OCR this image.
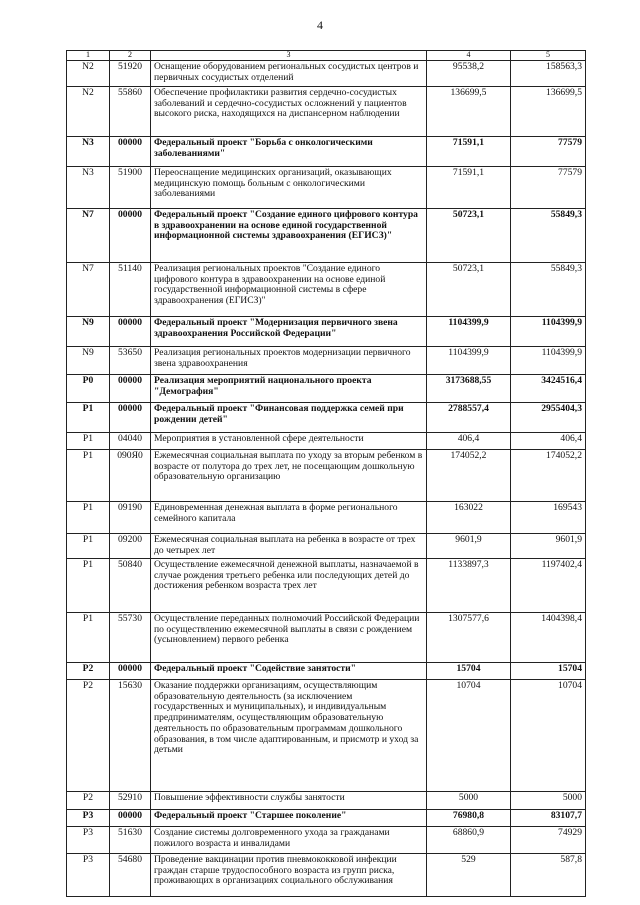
4
1	2	3	4	5
N2	51920	Оснащение оборудованием региональных сосудистых центров и первичных сосудистых отделений	95538,2	158563,3
N2	55860	Обеспечение профилактики развития сердечно-сосудистых заболеваний и сердечно-сосудистых осложнений у пациентов высокого риска, находящихся на диспансерном наблюдении	136699,5	136699,5
N3	00000	Федеральный проект "Борьба с онкологическими заболеваниями"	71591,1	77579
N3	51900	Переоснащение медицинских организаций, оказывающих медицинскую помощь больным с онкологическими заболеваниями	71591,1	77579
N7	00000	Федеральный проект "Создание единого цифрового контура в здравоохранении на основе единой государственной информационной системы здравоохранения (ЕГИСЗ)"	50723,1	55849,3
N7	51140	Реализация региональных проектов "Создание единого цифрового контура в здравоохранении на основе единой государственной информационной системы в сфере здравоохранения (ЕГИСЗ)"	50723,1	55849,3
N9	00000	Федеральный проект "Модернизация первичного звена здравоохранения Российской Федерации"	1104399,9	1104399,9
N9	53650	Реализация региональных проектов модернизации первичного звена здравоохранения	1104399,9	1104399,9
P0	00000	Реализация мероприятий национального проекта "Демография"	3173688,55	3424516,4
P1	00000	Федеральный проект "Финансовая поддержка семей при рождении детей"	2788557,4	2955404,3
P1	04040	Мероприятия в установленной сфере деятельности	406,4	406,4
P1	090Я0	Ежемесячная социальная выплата по уходу за вторым ребенком в возрасте от полутора до трех лет, не посещающим дошкольную образовательную организацию	174052,2	174052,2
P1	09190	Единовременная денежная выплата в форме регионального семейного капитала	163022	169543
P1	09200	Ежемесячная социальная выплата на ребенка в возрасте от трех до четырех лет	9601,9	9601,9
P1	50840	Осуществление ежемесячной денежной выплаты, назначаемой в случае рождения третьего ребенка или последующих детей до достижения ребенком возраста трех лет	1133897,3	1197402,4
P1	55730	Осуществление переданных полномочий Российской Федерации по осуществлению ежемесячной выплаты в связи с рождением (усыновлением) первого ребенка	1307577,6	1404398,4
P2	00000	Федеральный проект "Содействие занятости"	15704	15704
P2	15630	Оказание поддержки организациям, осуществляющим образовательную деятельность (за исключением государственных и муниципальных), и индивидуальным предпринимателям, осуществляющим образовательную деятельность по образовательным программам дошкольного образования, в том числе адаптированным, и присмотр и уход за детьми	10704	10704
P2	52910	Повышение эффективности службы занятости	5000	5000
P3	00000	Федеральный проект "Старшее поколение"	76980,8	83107,7
P3	51630	Создание системы долговременного ухода за гражданами пожилого возраста и инвалидами	68860,9	74929
P3	54680	Проведение вакцинации против пневмококковой инфекции граждан старше трудоспособного возраста из групп риска, проживающих в организациях социального обслуживания	529	587,8
